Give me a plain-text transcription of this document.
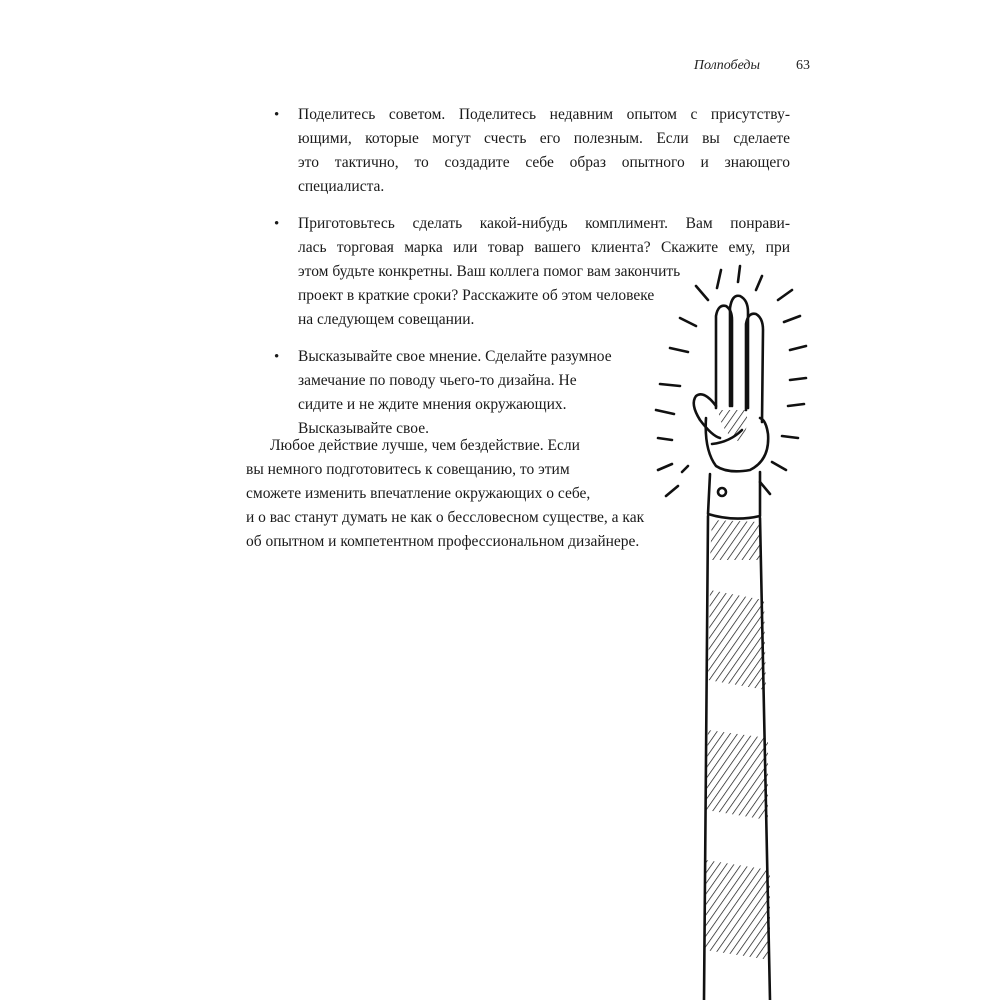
Полпобеды	63
• Поделитесь советом. Поделитесь недавним опытом с присутству-
ющими, которые могут счесть его полезным. Если вы сделаете
это тактично, то создадите себе образ опытного и знающего
специалиста.
• Приготовьтесь сделать какой-нибудь комплимент. Вам понрави-
лась торговая марка или товар вашего клиента? Скажите ему, при
этом будьте конкретны. Ваш коллега помог вам закончить
проект в краткие сроки? Расскажите об этом человеке
на следующем совещании.
• Высказывайте свое мнение. Сделайте разумное
замечание по поводу чьего-то дизайна. Не
сидите и не ждите мнения окружающих.
Высказывайте свое.
Любое действие лучше, чем бездействие. Если
вы немного подготовитесь к совещанию, то этим
сможете изменить впечатление окружающих о себе,
и о вас станут думать не как о бессловесном существе, а как
об опытном и компетентном профессиональном дизайнере.
